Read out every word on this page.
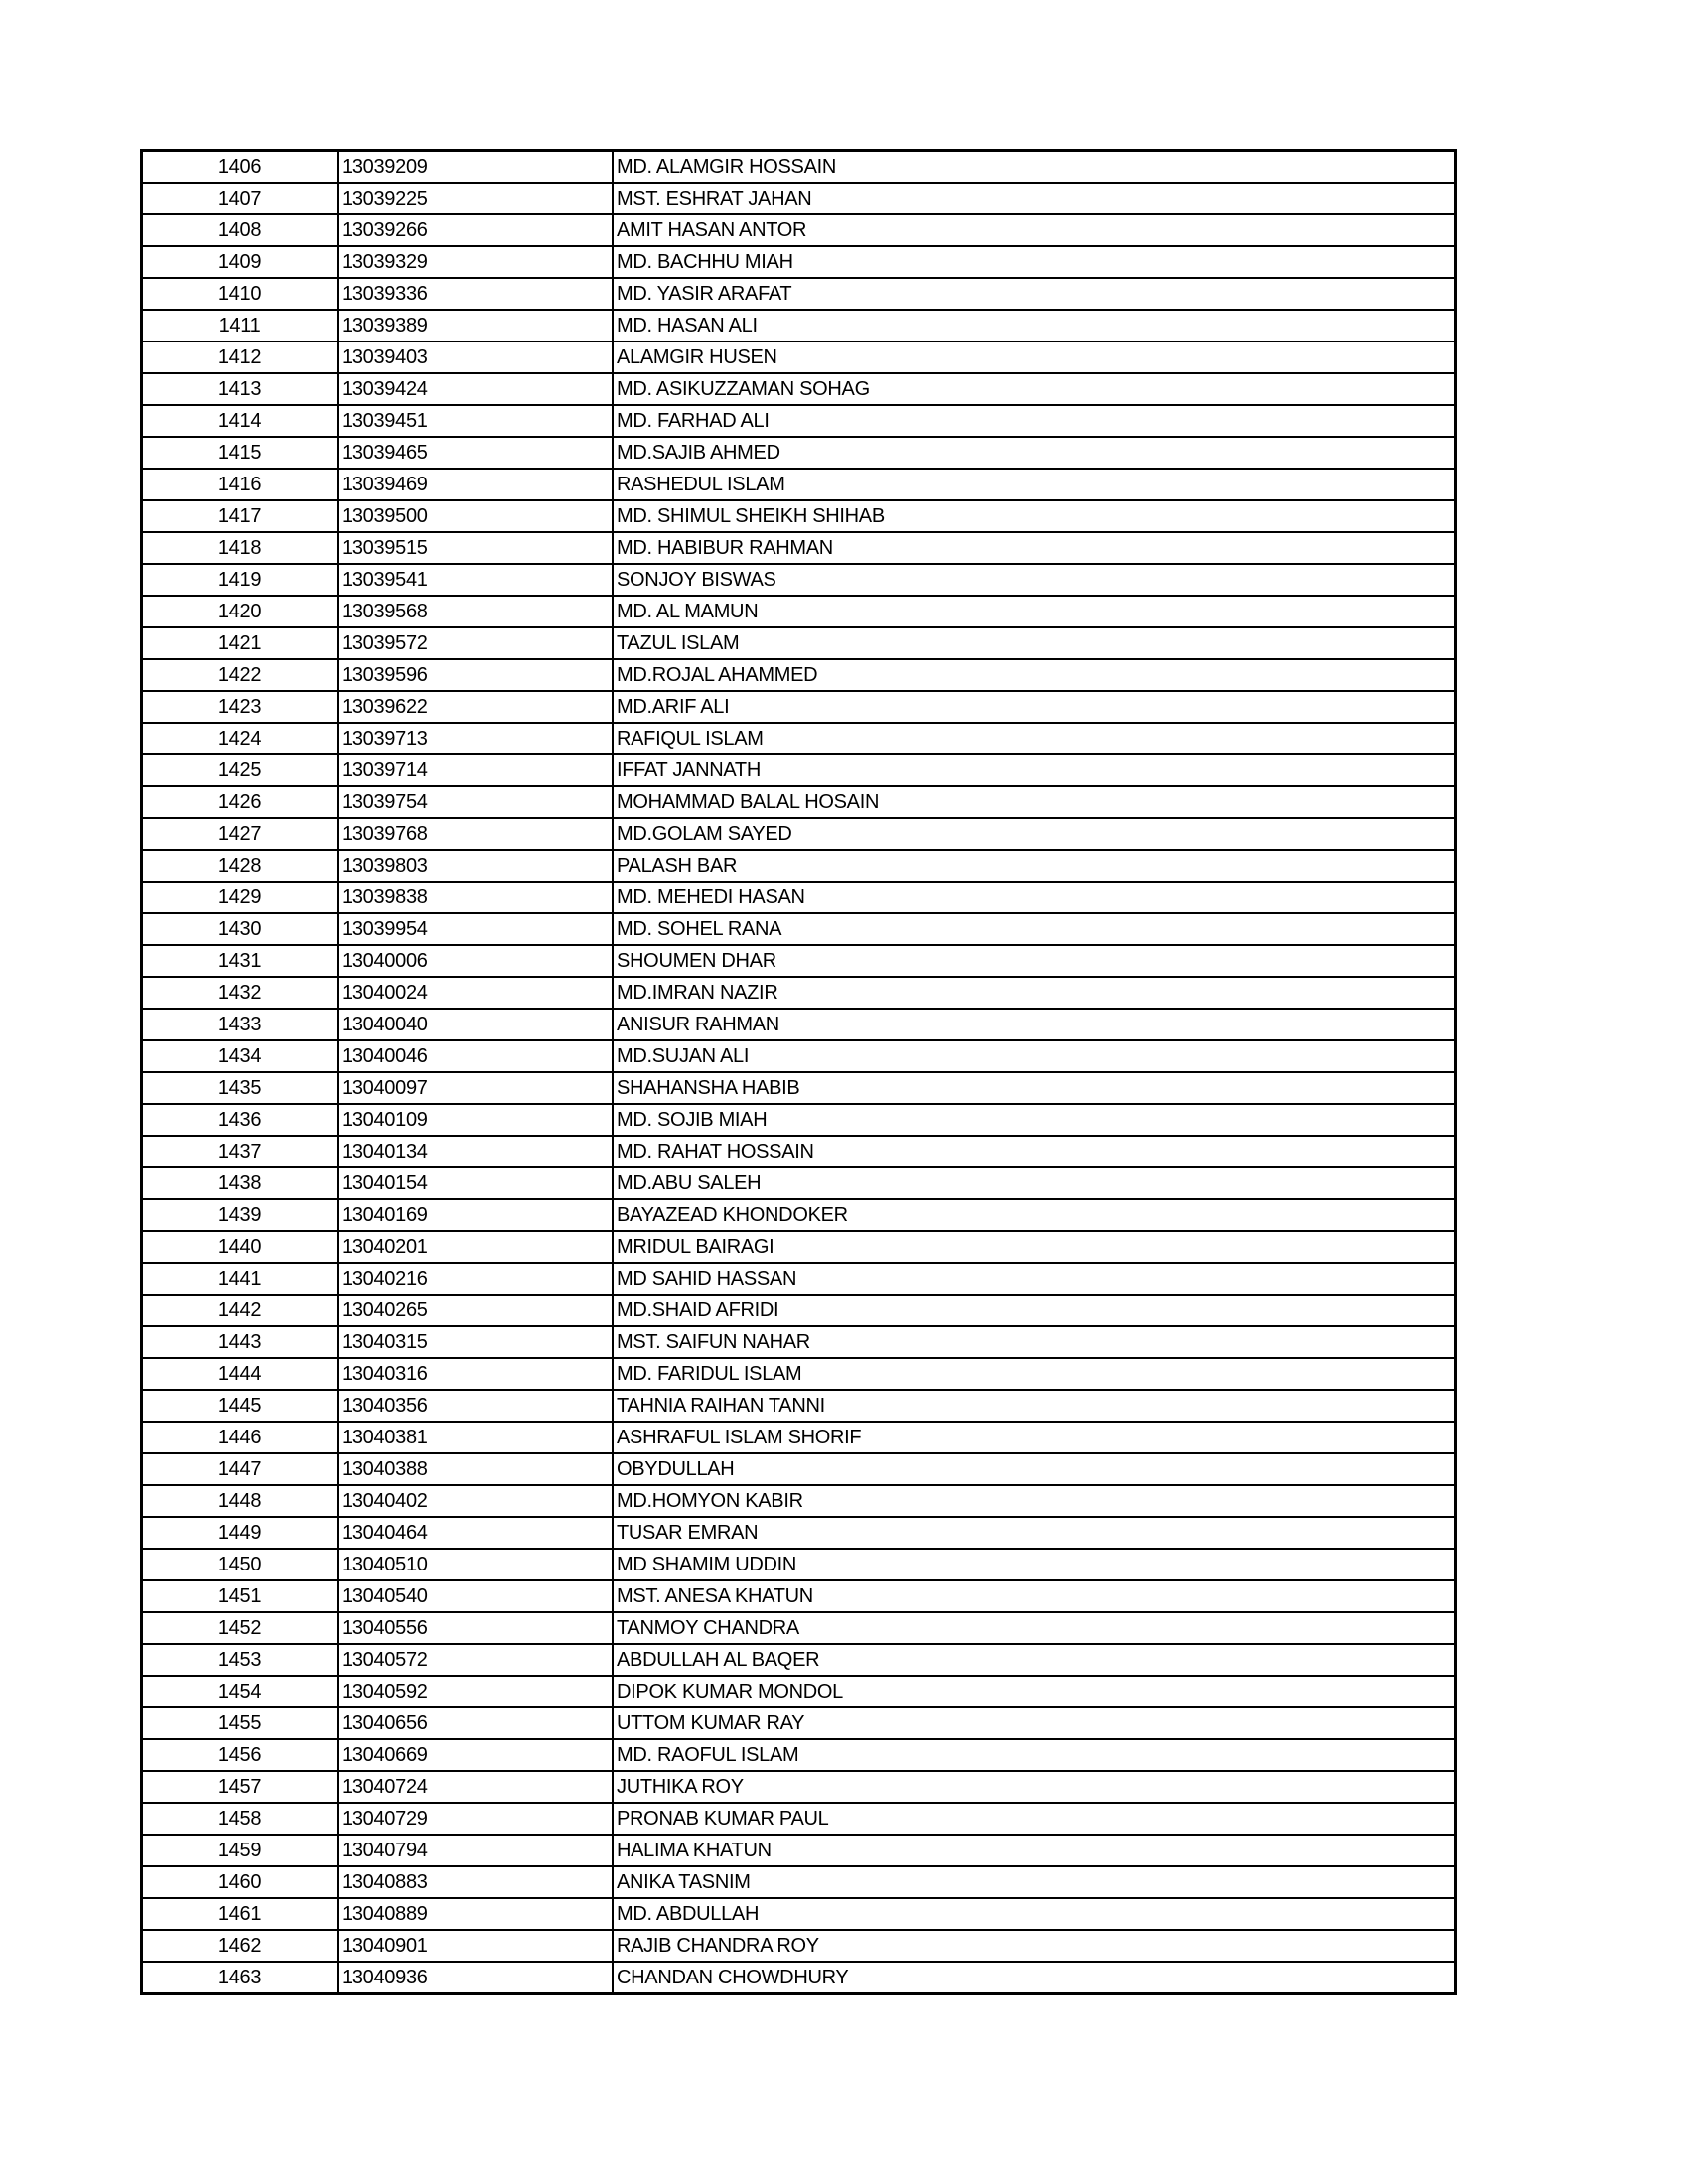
1406	13039209	MD. ALAMGIR HOSSAIN
1407	13039225	MST. ESHRAT JAHAN
1408	13039266	AMIT HASAN ANTOR
1409	13039329	MD. BACHHU MIAH
1410	13039336	MD. YASIR ARAFAT
1411	13039389	MD. HASAN ALI
1412	13039403	ALAMGIR HUSEN
1413	13039424	MD. ASIKUZZAMAN SOHAG
1414	13039451	MD. FARHAD ALI
1415	13039465	MD.SAJIB AHMED
1416	13039469	RASHEDUL ISLAM
1417	13039500	MD. SHIMUL SHEIKH SHIHAB
1418	13039515	MD. HABIBUR RAHMAN
1419	13039541	SONJOY BISWAS
1420	13039568	MD. AL MAMUN
1421	13039572	TAZUL ISLAM
1422	13039596	MD.ROJAL AHAMMED
1423	13039622	MD.ARIF ALI
1424	13039713	RAFIQUL ISLAM
1425	13039714	IFFAT JANNATH
1426	13039754	MOHAMMAD BALAL HOSAIN
1427	13039768	MD.GOLAM SAYED
1428	13039803	PALASH BAR
1429	13039838	MD. MEHEDI HASAN
1430	13039954	MD. SOHEL RANA
1431	13040006	SHOUMEN DHAR
1432	13040024	MD.IMRAN NAZIR
1433	13040040	ANISUR RAHMAN
1434	13040046	MD.SUJAN ALI
1435	13040097	SHAHANSHA HABIB
1436	13040109	MD. SOJIB MIAH
1437	13040134	MD. RAHAT HOSSAIN
1438	13040154	MD.ABU SALEH
1439	13040169	BAYAZEAD KHONDOKER
1440	13040201	MRIDUL BAIRAGI
1441	13040216	MD SAHID HASSAN
1442	13040265	MD.SHAID AFRIDI
1443	13040315	MST. SAIFUN NAHAR
1444	13040316	MD. FARIDUL ISLAM
1445	13040356	TAHNIA RAIHAN TANNI
1446	13040381	ASHRAFUL ISLAM SHORIF
1447	13040388	OBYDULLAH
1448	13040402	MD.HOMYON KABIR
1449	13040464	TUSAR EMRAN
1450	13040510	MD SHAMIM UDDIN
1451	13040540	MST. ANESA KHATUN
1452	13040556	TANMOY CHANDRA
1453	13040572	ABDULLAH AL BAQER
1454	13040592	DIPOK KUMAR MONDOL
1455	13040656	UTTOM KUMAR RAY
1456	13040669	MD. RAOFUL ISLAM
1457	13040724	JUTHIKA ROY
1458	13040729	PRONAB KUMAR PAUL
1459	13040794	HALIMA KHATUN
1460	13040883	ANIKA TASNIM
1461	13040889	MD. ABDULLAH
1462	13040901	RAJIB CHANDRA ROY
1463	13040936	CHANDAN CHOWDHURY
